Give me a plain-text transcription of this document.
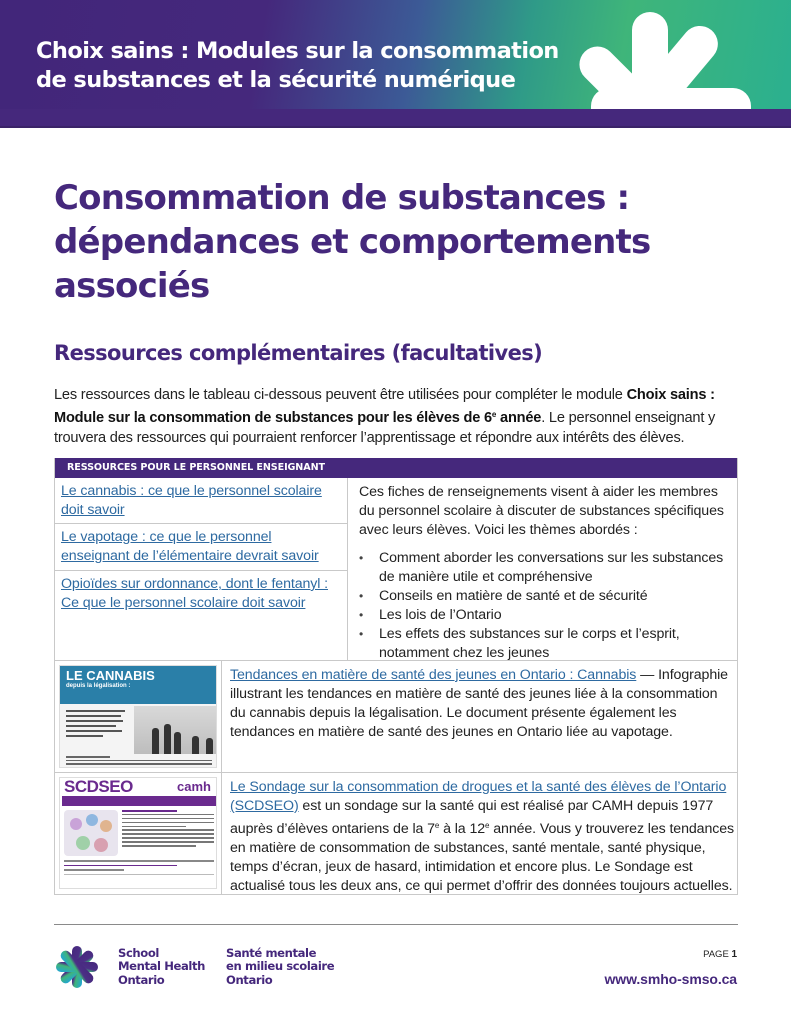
Choix sains : Modules sur la consommation
de substances et la sécurité numérique
Consommation de substances :
dépendances et comportements
associés
Ressources complémentaires (facultatives)

Les ressources dans le tableau ci-dessous peuvent être utilisées pour compléter le module Choix sains : Module sur la consommation de substances pour les élèves de 6e année. Le personnel enseignant y trouvera des ressources qui pourraient renforcer l’apprentissage et répondre aux intérêts des élèves.

RESSOURCES POUR LE PERSONNEL ENSEIGNANT
Le cannabis : ce que le personnel scolaire doit savoir
Le vapotage : ce que le personnel enseignant de l’élémentaire devrait savoir
Opioïdes sur ordonnance, dont le fentanyl : Ce que le personnel scolaire doit savoir

Ces fiches de renseignements visent à aider les membres du personnel scolaire à discuter de substances spécifiques avec leurs élèves. Voici les thèmes abordés :

• Comment aborder les conversations sur les substances de manière utile et compréhensive
• Conseils en matière de santé et de sécurité
• Les lois de l’Ontario
• Les effets des substances sur le corps et l’esprit, notamment chez les jeunes
LE CANNABIS
depuis la légalisation :
Tendances en matière de santé des jeunes en Ontario : Cannabis — Infographie illustrant les tendances en matière de santé des jeunes liée à la consommation du cannabis depuis la légalisation. Le document présente également les tendances en matière de santé des jeunes en Ontario liée au vapotage.
SCDSEO	camh Le Sondage sur la consommation de drogues et la santé des élèves de l’Ontario (SCDSEO) est un sondage sur la santé qui est réalisé par CAMH depuis 1977 auprès d’élèves ontariens de la 7e à la 12e année. Vous y trouverez les tendances en matière de consommation de substances, santé mentale, santé physique, temps d’écran, jeux de hasard, intimidation et encore plus. Le Sondage est actualisé tous les deux ans, ce qui permet d’offrir des données toujours actuelles.
School
Mental Health
Ontario
Santé mentale
en milieu scolaire
Ontario
PAGE 1
www.smho-smso.ca
